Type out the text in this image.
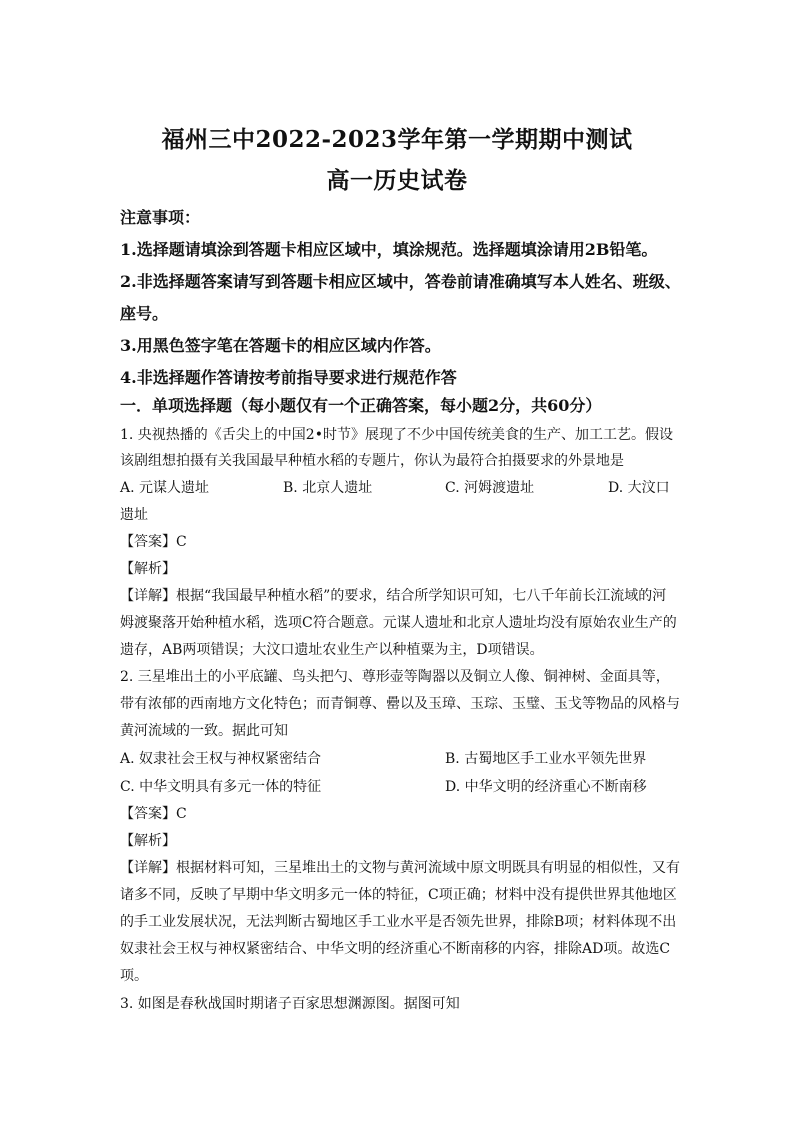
福州三中2022-2023学年第一学期期中测试
高一历史试卷
注意事项：
1.选择题请填涂到答题卡相应区域中，填涂规范。选择题填涂请用2B铅笔。
2.非选择题答案请写到答题卡相应区域中，答卷前请准确填写本人姓名、班级、
座号。
3.用黑色签字笔在答题卡的相应区域内作答。
4.非选择题作答请按考前指导要求进行规范作答
一．单项选择题（每小题仅有一个正确答案，每小题2分，共60分）
1. 央视热播的《舌尖上的中国2•时节》展现了不少中国传统美食的生产、加工工艺。假设
该剧组想拍摄有关我国最早种植水稻的专题片，你认为最符合拍摄要求的外景地是
A. 元谋人遗址	B. 北京人遗址	C. 河姆渡遗址	D. 大汶口
遗址
【答案】C
【解析】
【详解】根据“我国最早种植水稻”的要求，结合所学知识可知，七八千年前长江流域的河
姆渡聚落开始种植水稻，选项C符合题意。元谋人遗址和北京人遗址均没有原始农业生产的
遗存，AB两项错误；大汶口遗址农业生产以种植粟为主，D项错误。
2. 三星堆出土的小平底罐、鸟头把勺、尊形壶等陶器以及铜立人像、铜神树、金面具等，
带有浓郁的西南地方文化特色；而青铜尊、罍以及玉璋、玉琮、玉璧、玉戈等物品的风格与
黄河流域的一致。据此可知
A. 奴隶社会王权与神权紧密结合	B. 古蜀地区手工业水平领先世界
C. 中华文明具有多元一体的特征	D. 中华文明的经济重心不断南移
【答案】C
【解析】
【详解】根据材料可知，三星堆出土的文物与黄河流域中原文明既具有明显的相似性，又有
诸多不同，反映了早期中华文明多元一体的特征，C项正确；材料中没有提供世界其他地区
的手工业发展状况，无法判断古蜀地区手工业水平是否领先世界，排除B项；材料体现不出
奴隶社会王权与神权紧密结合、中华文明的经济重心不断南移的内容，排除AD项。故选C
项。
3. 如图是春秋战国时期诸子百家思想渊源图。据图可知
